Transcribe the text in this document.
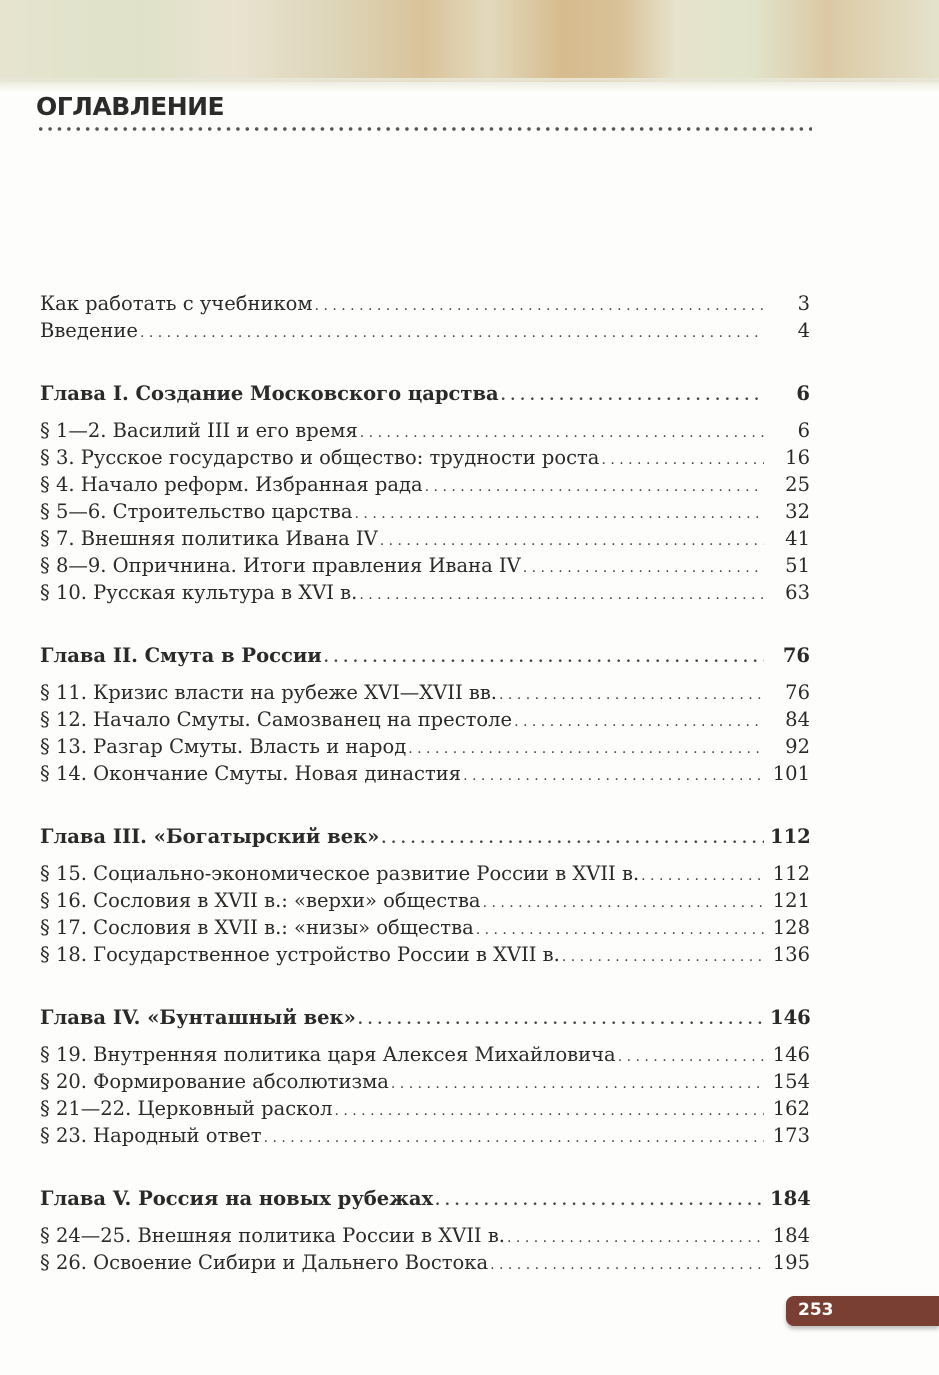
ОГЛАВЛЕНИЕ
Как работать с учебником . . .	3
Введение . . .	4
Глава I. Создание Московского царства . . .	6
§ 1—2. Василий III и его время . . .	6
§ 3. Русское государство и общество: трудности роста . . .	16
§ 4. Начало реформ. Избранная рада . . .	25
§ 5—6. Строительство царства . . .	32
§ 7. Внешняя политика Ивана IV . . .	41
§ 8—9. Опричнина. Итоги правления Ивана IV . . .	51
§ 10. Русская культура в XVI в. . . .	63
Глава II. Смута в России . . .	76
§ 11. Кризис власти на рубеже XVI—XVII вв. . . .	76
§ 12. Начало Смуты. Самозванец на престоле . . .	84
§ 13. Разгар Смуты. Власть и народ . . .	92
§ 14. Окончание Смуты. Новая династия . . .	101
Глава III. «Богатырский век» . . .	112
§ 15. Социально-экономическое развитие России в XVII в. . . .	112
§ 16. Сословия в XVII в.: «верхи» общества . . .	121
§ 17. Сословия в XVII в.: «низы» общества . . .	128
§ 18. Государственное устройство России в XVII в. . . .	136
Глава IV. «Бунташный век» . . .	146
§ 19. Внутренняя политика царя Алексея Михайловича . . .	146
§ 20. Формирование абсолютизма . . .	154
§ 21—22. Церковный раскол . . .	162
§ 23. Народный ответ . . .	173
Глава V. Россия на новых рубежах . . .	184
§ 24—25. Внешняя политика России в XVII в. . . .	184
§ 26. Освоение Сибири и Дальнего Востока . . .	195
253
